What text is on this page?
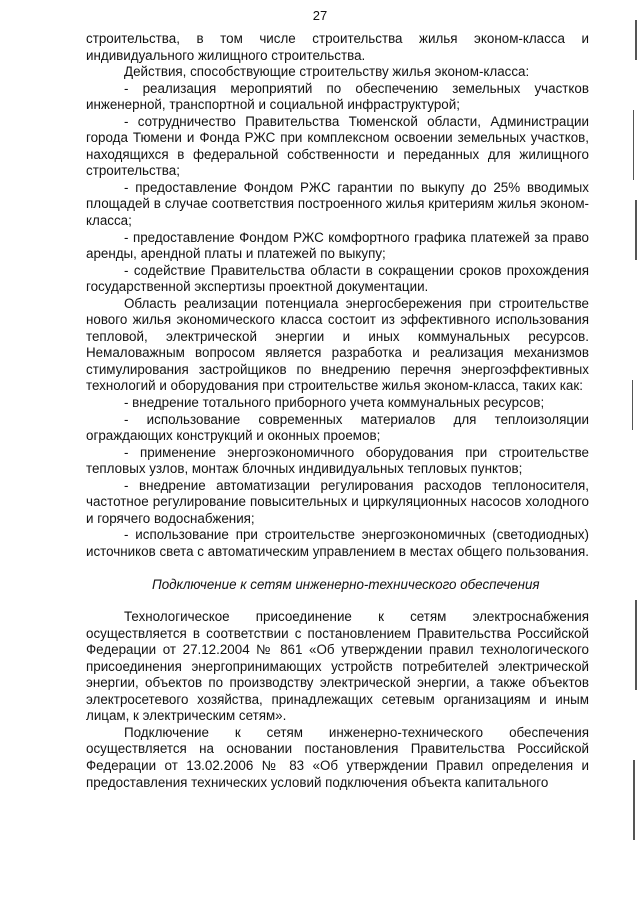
27

строительства, в том числе строительства жилья эконом-класса и индивидуального жилищного строительства.

Действия, способствующие строительству жилья эконом-класса:

- реализация мероприятий по обеспечению земельных участков инженерной, транспортной и социальной инфраструктурой;

- сотрудничество Правительства Тюменской области, Администрации города Тюмени и Фонда РЖС при комплексном освоении земельных участков, находящихся в федеральной собственности и переданных для жилищного строительства;

- предоставление Фондом РЖС гарантии по выкупу до 25% вводимых площадей в случае соответствия построенного жилья критериям жилья эконом-класса;

- предоставление Фондом РЖС комфортного графика платежей за право аренды, арендной платы и платежей по выкупу;

- содействие Правительства области в сокращении сроков прохождения государственной экспертизы проектной документации.

Область реализации потенциала энергосбережения при строительстве нового жилья экономического класса состоит из эффективного использования тепловой, электрической энергии и иных коммунальных ресурсов. Немаловажным вопросом является разработка и реализация механизмов стимулирования застройщиков по внедрению перечня энергоэффективных технологий и оборудования при строительстве жилья эконом-класса, таких как:

- внедрение тотального приборного учета коммунальных ресурсов;

- использование современных материалов для теплоизоляции ограждающих конструкций и оконных проемов;

- применение энергоэкономичного оборудования при строительстве тепловых узлов, монтаж блочных индивидуальных тепловых пунктов;

- внедрение автоматизации регулирования расходов теплоносителя, частотное регулирование повысительных и циркуляционных насосов холодного и горячего водоснабжения;

- использование при строительстве энергоэкономичных (светодиодных) источников света с автоматическим управлением в местах общего пользования.

Подключение к сетям инженерно-технического обеспечения

Технологическое присоединение к сетям электроснабжения осуществляется в соответствии с постановлением Правительства Российской Федерации от 27.12.2004 № 861 «Об утверждении правил технологического присоединения энергопринимающих устройств потребителей электрической энергии, объектов по производству электрической энергии, а также объектов электросетевого хозяйства, принадлежащих сетевым организациям и иным лицам, к электрическим сетям».

Подключение к сетям инженерно-технического обеспечения осуществляется на основании постановления Правительства Российской Федерации от 13.02.2006 № 83 «Об утверждении Правил определения и предоставления технических условий подключения объекта капитального
